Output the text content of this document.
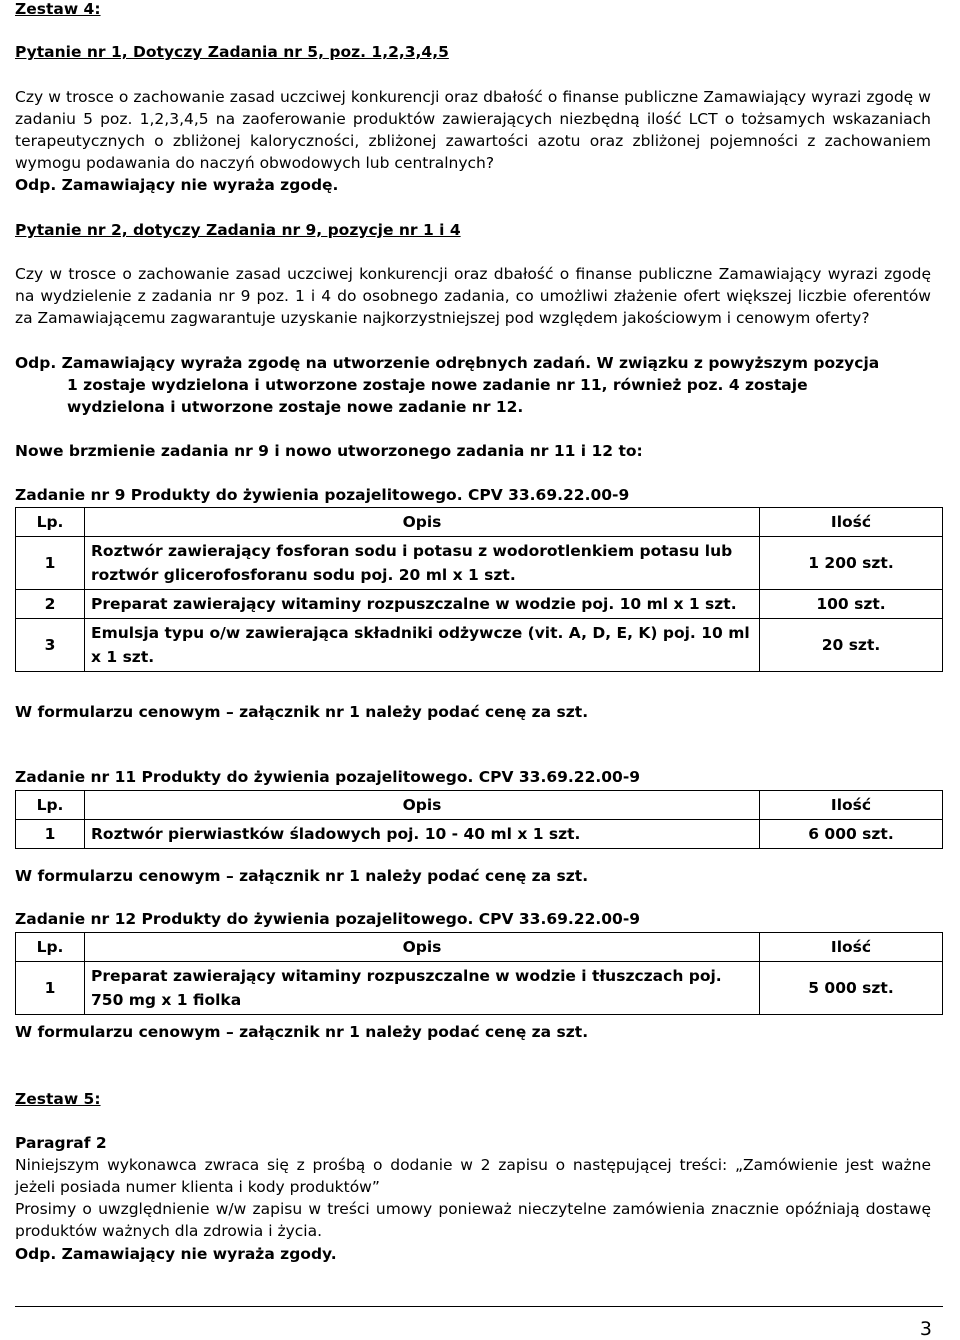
Zestaw 4:
Pytanie nr 1, Dotyczy Zadania nr 5, poz. 1,2,3,4,5
Czy w trosce o zachowanie zasad uczciwej konkurencji oraz dbałość o finanse publiczne Zamawiający wyrazi zgodę w zadaniu 5 poz. 1,2,3,4,5 na zaoferowanie produktów zawierających niezbędną ilość LCT o tożsamych wskazaniach terapeutycznych o zbliżonej kaloryczności, zbliżonej zawartości azotu oraz zbliżonej pojemności z zachowaniem wymogu podawania do naczyń obwodowych lub centralnych?
Odp. Zamawiający nie wyraża zgodę.
Pytanie nr 2, dotyczy Zadania nr 9, pozycje nr 1 i 4
Czy w trosce o zachowanie zasad uczciwej konkurencji oraz dbałość o finanse publiczne Zamawiający wyrazi zgodę na wydzielenie z zadania nr 9 poz. 1 i 4 do osobnego zadania, co umożliwi złażenie ofert większej liczbie oferentów za Zamawiającemu zagwarantuje uzyskanie najkorzystniejszej pod względem jakościowym i cenowym oferty?

Odp. Zamawiający wyraża zgodę na utworzenie odrębnych zadań. W związku z powyższym pozycja

1 zostaje wydzielona i utworzone zostaje nowe zadanie nr 11, również poz. 4 zostaje

wydzielona i utworzone zostaje nowe zadanie nr 12.

Nowe brzmienie zadania nr 9 i nowo utworzonego zadania nr 11 i 12 to:
Zadanie nr 9 Produkty do żywienia pozajelitowego. CPV 33.69.22.00-9
Lp.	Opis	Ilość
1	Roztwór zawierający fosforan sodu i potasu z wodorotlenkiem potasu lub roztwór glicerofosforanu sodu poj. 20 ml x 1 szt.	1 200 szt.
2	Preparat zawierający witaminy rozpuszczalne w wodzie poj. 10 ml x 1 szt.	100 szt.
3	Emulsja typu o/w zawierająca składniki odżywcze (vit. A, D, E, K) poj. 10 ml x 1 szt.	20 szt.
W formularzu cenowym – załącznik nr 1 należy podać cenę za szt.
Zadanie nr 11 Produkty do żywienia pozajelitowego. CPV 33.69.22.00-9
Lp.	Opis	Ilość
1	Roztwór pierwiastków śladowych poj. 10 - 40 ml x 1 szt.	6 000 szt.
W formularzu cenowym – załącznik nr 1 należy podać cenę za szt.
Zadanie nr 12 Produkty do żywienia pozajelitowego. CPV 33.69.22.00-9
Lp.	Opis	Ilość
1	Preparat zawierający witaminy rozpuszczalne w wodzie i tłuszczach poj. 750 mg x 1 fiolka	5 000 szt.
W formularzu cenowym – załącznik nr 1 należy podać cenę za szt.
Zestaw 5:
Paragraf 2
Niniejszym wykonawca zwraca się z prośbą o dodanie w 2 zapisu o następującej treści: „Zamówienie jest ważne jeżeli posiada numer klienta i kody produktów”
Prosimy o uwzględnienie w/w zapisu w treści umowy ponieważ nieczytelne zamówienia znacznie opóźniają dostawę produktów ważnych dla zdrowia i życia.
Odp. Zamawiający nie wyraża zgody.
3
